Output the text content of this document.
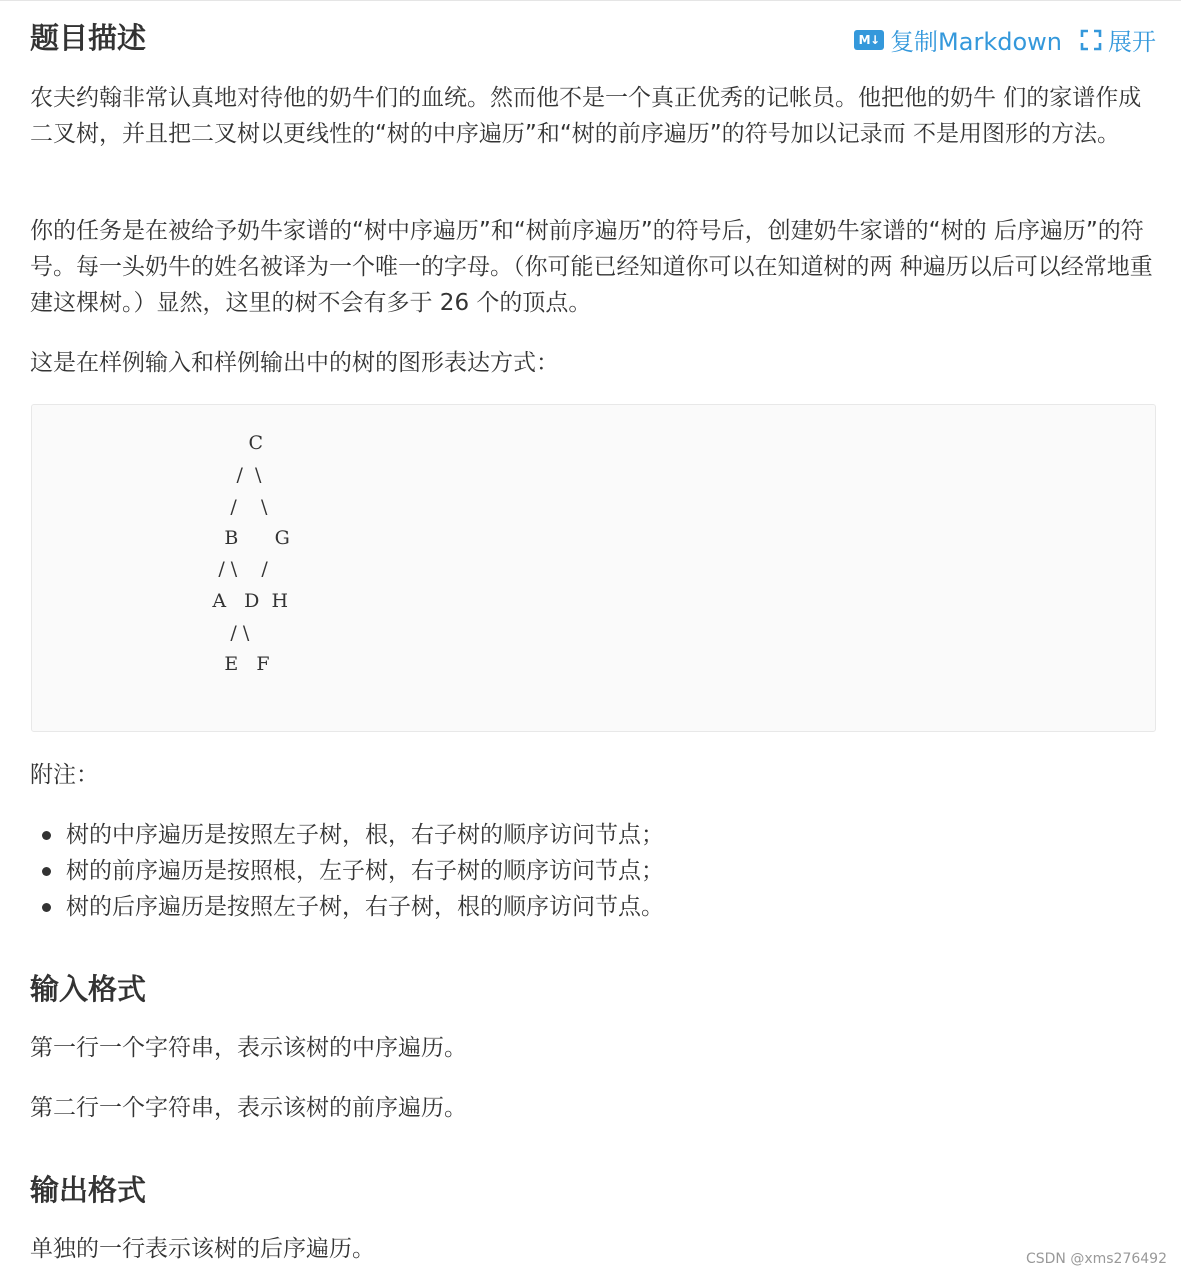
题目描述	M↓ 复制Markdown 展开

农夫约翰非常认真地对待他的奶牛们的血统。然而他不是一个真正优秀的记帐员。他把他的奶牛 们的家谱作成二叉树，并且把二叉树以更线性的“树的中序遍历”和“树的前序遍历”的符号加以记录而 不是用图形的方法。

你的任务是在被给予奶牛家谱的“树中序遍历”和“树前序遍历”的符号后，创建奶牛家谱的“树的 后序遍历”的符号。每一头奶牛的姓名被译为一个唯一的字母。（你可能已经知道你可以在知道树的两 种遍历以后可以经常地重建这棵树。）显然，这里的树不会有多于 26 个的顶点。

这是在样例输入和样例输出中的树的图形表达方式：

C
/  \
/    \
B      G
/ \    /
A   D  H
/ \
E   F

附注：

树的中序遍历是按照左子树，根，右子树的顺序访问节点；
树的前序遍历是按照根，左子树，右子树的顺序访问节点；
树的后序遍历是按照左子树，右子树，根的顺序访问节点。
输入格式

第一行一个字符串，表示该树的中序遍历。

第二行一个字符串，表示该树的前序遍历。

输出格式

单独的一行表示该树的后序遍历。	CSDN @xms276492
